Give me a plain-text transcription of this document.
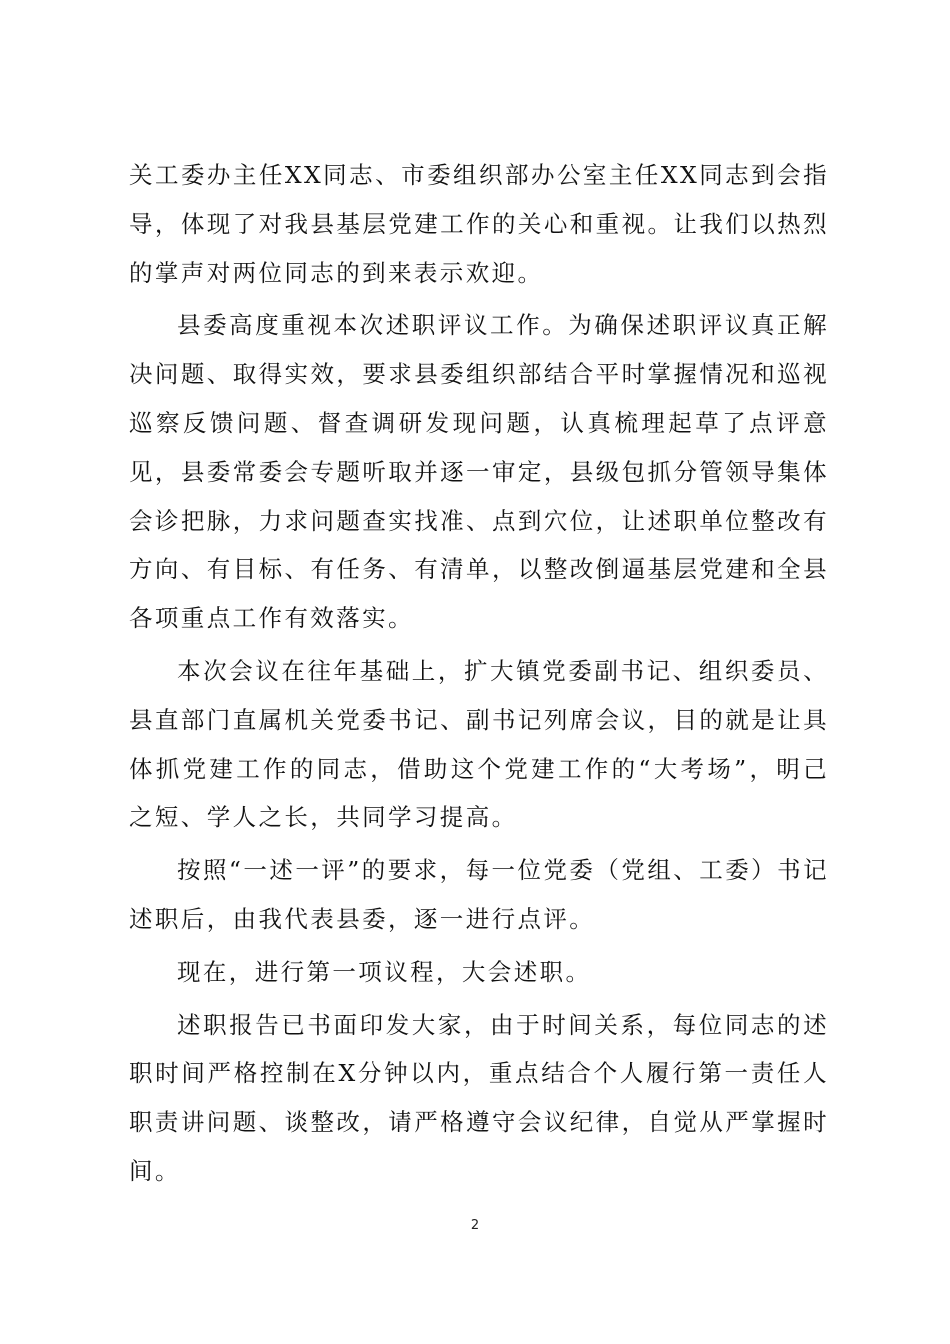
关工委办主任XX同志、市委组织部办公室主任XX同志到会指导，体现了对我县基层党建工作的关心和重视。让我们以热烈的掌声对两位同志的到来表示欢迎。

县委高度重视本次述职评议工作。为确保述职评议真正解决问题、取得实效，要求县委组织部结合平时掌握情况和巡视巡察反馈问题、督查调研发现问题，认真梳理起草了点评意见，县委常委会专题听取并逐一审定，县级包抓分管领导集体会诊把脉，力求问题查实找准、点到穴位，让述职单位整改有方向、有目标、有任务、有清单，以整改倒逼基层党建和全县各项重点工作有效落实。

本次会议在往年基础上，扩大镇党委副书记、组织委员、县直部门直属机关党委书记、副书记列席会议，目的就是让具体抓党建工作的同志，借助这个党建工作的“大考场”，明己之短、学人之长，共同学习提高。

按照“一述一评”的要求，每一位党委（党组、工委）书记述职后，由我代表县委，逐一进行点评。

现在，进行第一项议程，大会述职。

述职报告已书面印发大家，由于时间关系，每位同志的述职时间严格控制在X分钟以内，重点结合个人履行第一责任人职责讲问题、谈整改，请严格遵守会议纪律，自觉从严掌握时间。

2
